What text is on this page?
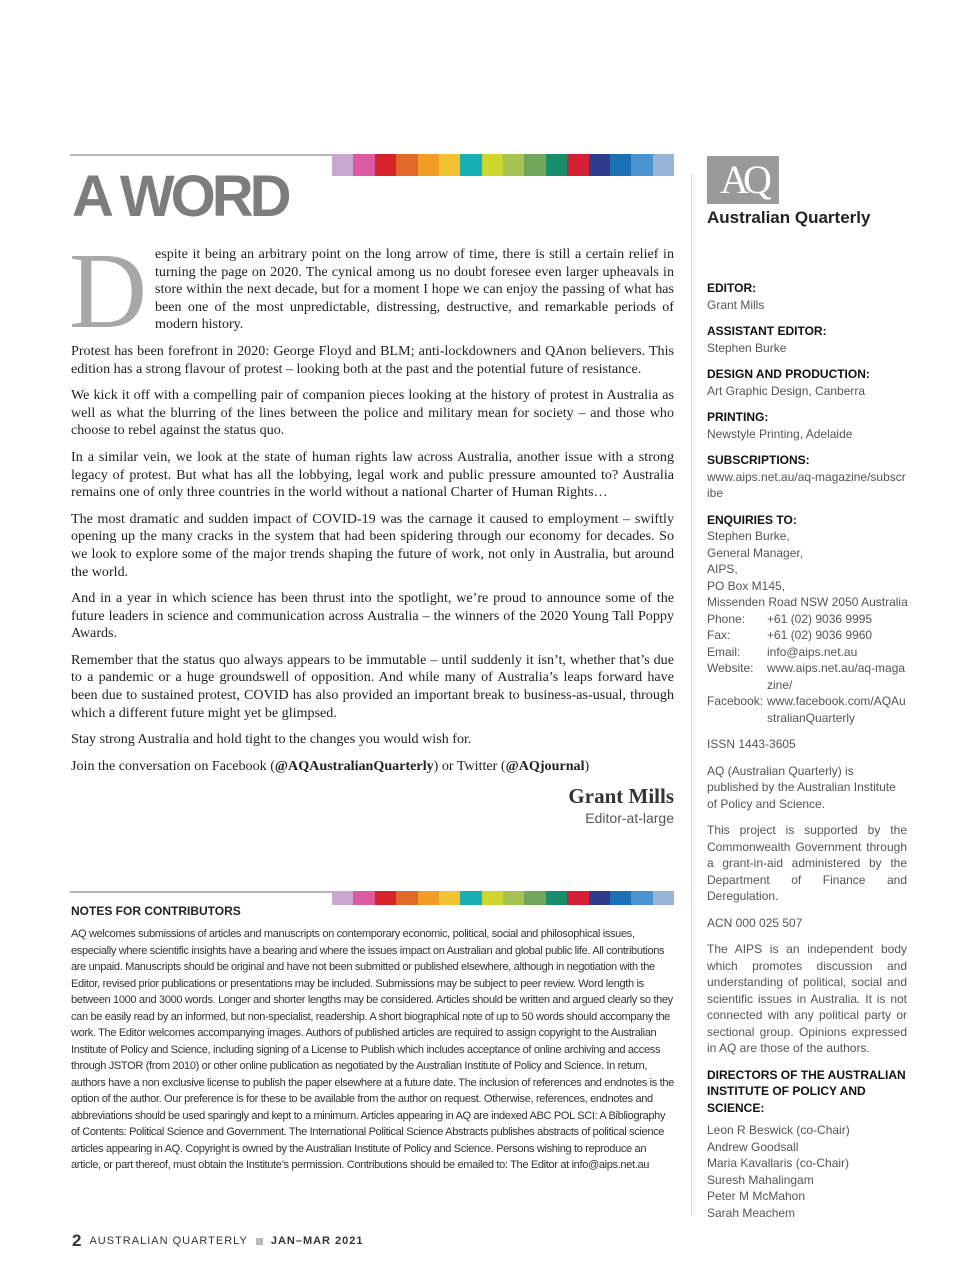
A WORD

Despite it being an arbitrary point on the long arrow of time, there is still a certain relief in turning the page on 2020. The cynical among us no doubt foresee even larger upheavals in store within the next decade, but for a moment I hope we can enjoy the passing of what has been one of the most unpredictable, distressing, destructive, and remarkable periods of modern history.

Protest has been forefront in 2020: George Floyd and BLM; anti-lockdowners and QAnon believers. This edition has a strong flavour of protest – looking both at the past and the potential future of resistance.

We kick it off with a compelling pair of companion pieces looking at the history of protest in Australia as well as what the blurring of the lines between the police and military mean for society – and those who choose to rebel against the status quo.

In a similar vein, we look at the state of human rights law across Australia, another issue with a strong legacy of protest. But what has all the lobbying, legal work and public pressure amounted to? Australia remains one of only three countries in the world without a national Charter of Human Rights…

The most dramatic and sudden impact of COVID-19 was the carnage it caused to employment – swiftly opening up the many cracks in the system that had been spidering through our economy for decades. So we look to explore some of the major trends shaping the future of work, not only in Australia, but around the world.

And in a year in which science has been thrust into the spotlight, we’re proud to announce some of the future leaders in science and communication across Australia – the winners of the 2020 Young Tall Poppy Awards.

Remember that the status quo always appears to be immutable – until suddenly it isn’t, whether that’s due to a pandemic or a huge groundswell of opposition. And while many of Australia’s leaps forward have been due to sustained protest, COVID has also provided an important break to business-as-usual, through which a different future might yet be glimpsed.

Stay strong Australia and hold tight to the changes you would wish for.

Join the conversation on Facebook (@AQAustralianQuarterly) or Twitter (@AQjournal)

Grant Mills
Editor-at-large
NOTES FOR CONTRIBUTORS

AQ welcomes submissions of articles and manuscripts on contemporary economic, political, social and philosophical issues, especially where scientific insights have a bearing and where the issues impact on Australian and global public life. All contributions are unpaid. Manuscripts should be original and have not been submitted or published elsewhere, although in negotiation with the Editor, revised prior publications or presentations may be included. Submissions may be subject to peer review. Word length is between 1000 and 3000 words. Longer and shorter lengths may be considered. Articles should be written and argued clearly so they can be easily read by an informed, but non-specialist, readership. A short biographical note of up to 50 words should accompany the work. The Editor welcomes accompanying images. Authors of published articles are required to assign copyright to the Australian Institute of Policy and Science, including signing of a License to Publish which includes acceptance of online archiving and access through JSTOR (from 2010) or other online publication as negotiated by the Australian Institute of Policy and Science. In return, authors have a non exclusive license to publish the paper elsewhere at a future date. The inclusion of references and endnotes is the option of the author. Our preference is for these to be available from the author on request. Otherwise, references, endnotes and abbreviations should be used sparingly and kept to a minimum. Articles appearing in AQ are indexed ABC POL SCI: A Bibliography of Contents: Political Science and Government. The International Political Science Abstracts publishes abstracts of political science articles appearing in AQ. Copyright is owned by the Australian Institute of Policy and Science. Persons wishing to reproduce an article, or part thereof, must obtain the Institute’s permission. Contributions should be emailed to: The Editor at info@aips.net.au

AQ
Australian Quarterly
EDITOR:
Grant Mills
ASSISTANT EDITOR:
Stephen Burke
DESIGN AND PRODUCTION:
Art Graphic Design, Canberra
PRINTING:
Newstyle Printing, Adelaide
SUBSCRIPTIONS:
www.aips.net.au/aq-magazine/subscribe
ENQUIRIES TO:
Stephen Burke,
General Manager,
AIPS,
PO Box M145,
Missenden Road NSW 2050 Australia
Phone:	+61 (02) 9036 9995
Fax:	+61 (02) 9036 9960
Email:	info@aips.net.au
Website:	www.aips.net.au/aq-magazine/
Facebook: www.facebook.com/AQAustralianQuarterly
ISSN 1443-3605
AQ (Australian Quarterly) is published by the Australian Institute of Policy and Science.
This project is supported by the Commonwealth Government through a grant-in-aid administered by the Department of Finance and Deregulation.
ACN 000 025 507
The AIPS is an independent body which promotes discussion and understanding of political, social and scientific issues in Australia. It is not connected with any political party or sectional group. Opinions expressed in AQ are those of the authors.
DIRECTORS OF THE AUSTRALIAN INSTITUTE OF POLICY AND SCIENCE:
Leon R Beswick (co-Chair)
Andrew Goodsall
Maria Kavallaris (co-Chair)
Suresh Mahalingam
Peter M McMahon
Sarah Meachem
2 AUSTRALIAN QUARTERLY JAN–MAR 2021
